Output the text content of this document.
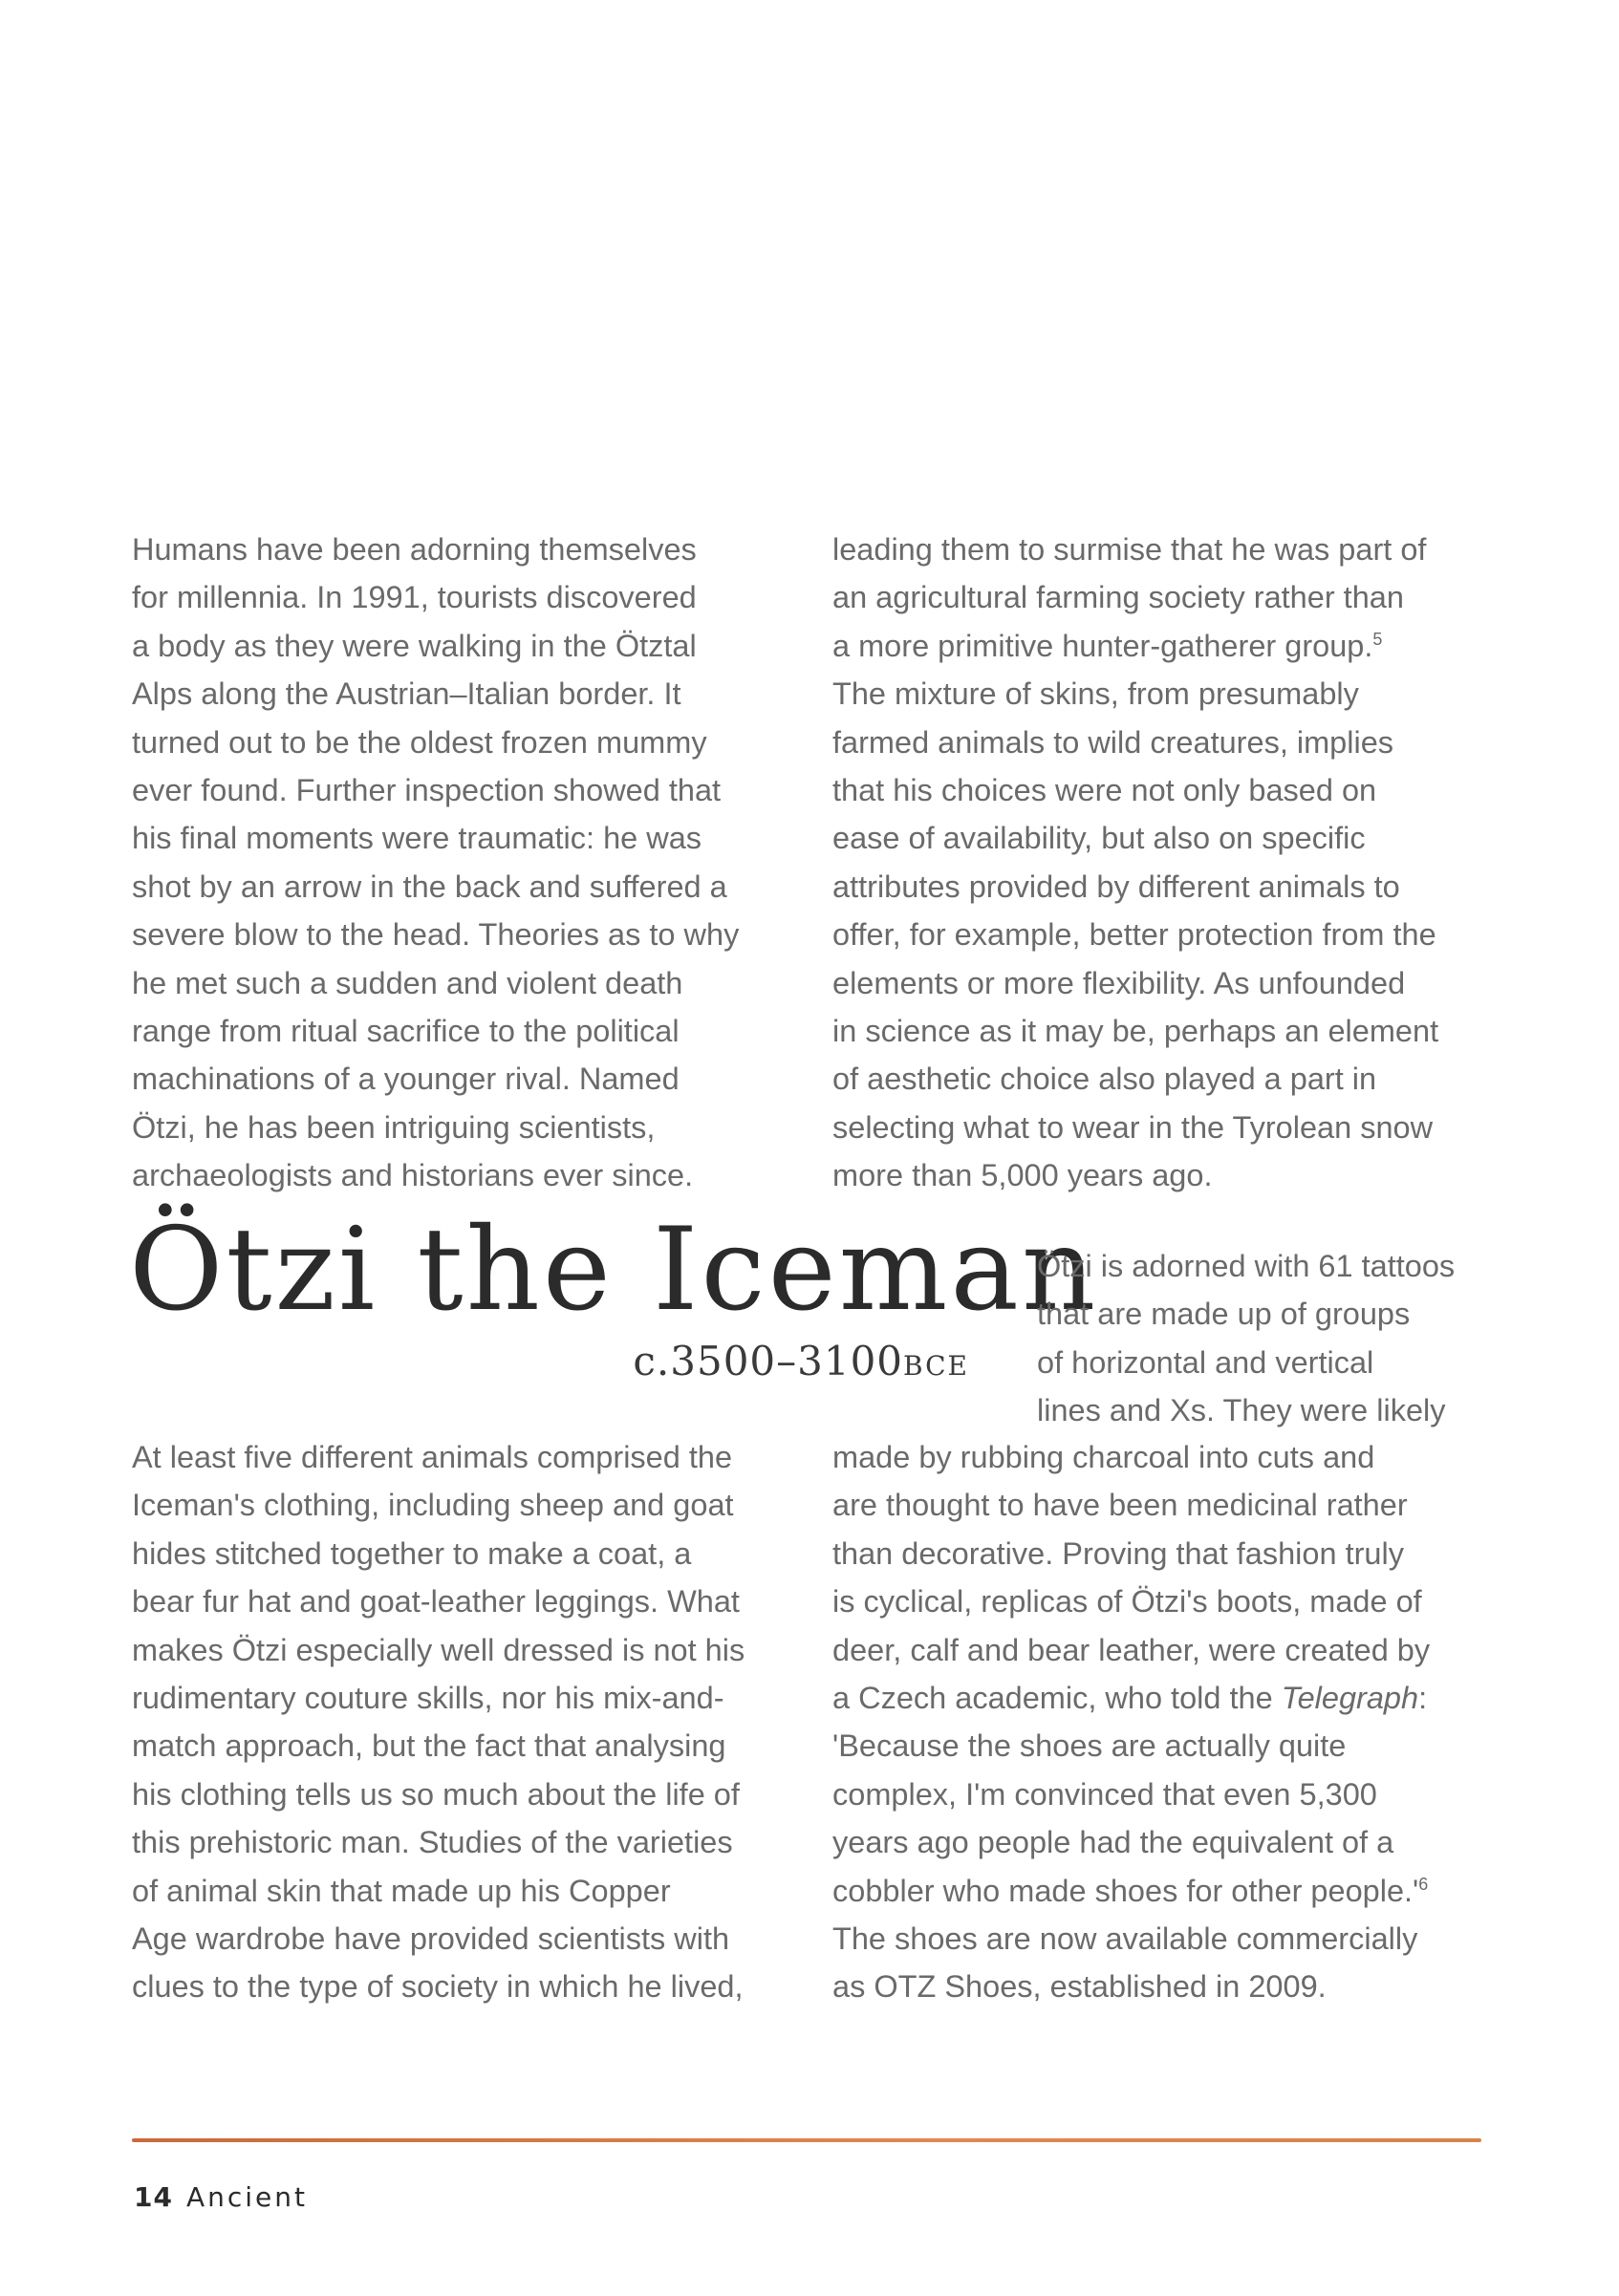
Humans have been adorning themselves
for millennia. In 1991, tourists discovered
a body as they were walking in the Ötztal
Alps along the Austrian–Italian border. It
turned out to be the oldest frozen mummy
ever found. Further inspection showed that
his final moments were traumatic: he was
shot by an arrow in the back and suffered a
severe blow to the head. Theories as to why
he met such a sudden and violent death
range from ritual sacrifice to the political
machinations of a younger rival. Named
Ötzi, he has been intriguing scientists,
archaeologists and historians ever since.
leading them to surmise that he was part of
an agricultural farming society rather than
a more primitive hunter-gatherer group.$^5$
The mixture of skins, from presumably
farmed animals to wild creatures, implies
that his choices were not only based on
ease of availability, but also on specific
attributes provided by different animals to
offer, for example, better protection from the
elements or more flexibility. As unfounded
in science as it may be, perhaps an element
of aesthetic choice also played a part in
selecting what to wear in the Tyrolean snow
more than 5,000 years ago.
Ötzi the Iceman
c.3500–3100BCE
Ötzi is adorned with 61 tattoos
that are made up of groups
of horizontal and vertical
lines and Xs. They were likely
At least five different animals comprised the
Iceman's clothing, including sheep and goat
hides stitched together to make a coat, a
bear fur hat and goat-leather leggings. What
makes Ötzi especially well dressed is not his
rudimentary couture skills, nor his mix-and-
match approach, but the fact that analysing
his clothing tells us so much about the life of
this prehistoric man. Studies of the varieties
of animal skin that made up his Copper
Age wardrobe have provided scientists with
clues to the type of society in which he lived,
made by rubbing charcoal into cuts and
are thought to have been medicinal rather
than decorative. Proving that fashion truly
is cyclical, replicas of Ötzi's boots, made of
deer, calf and bear leather, were created by
a Czech academic, who told the Telegraph:
'Because the shoes are actually quite
complex, I'm convinced that even 5,300
years ago people had the equivalent of a
cobbler who made shoes for other $people.'^6$
The shoes are now available commercially
as OTZ Shoes, established in 2009.

14 Ancient
